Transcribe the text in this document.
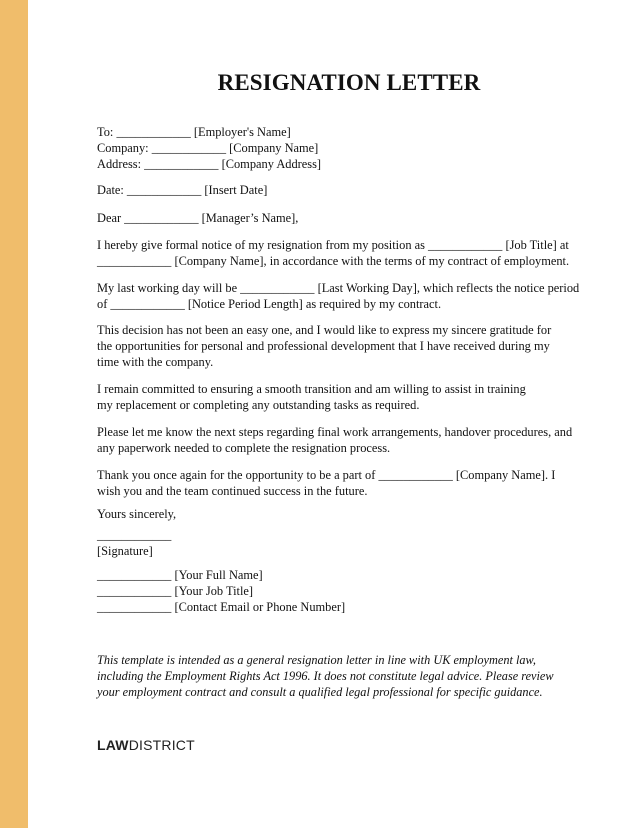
RESIGNATION LETTER
To: ____________ [Employer's Name]
Company: ____________ [Company Name]
Address: ____________ [Company Address]

Date: ____________ [Insert Date]

Dear ____________ [Manager’s Name],

I hereby give formal notice of my resignation from my position as ____________ [Job Title] at ____________ [Company Name], in accordance with the terms of my contract of employment.

My last working day will be ____________ [Last Working Day], which reflects the notice period of ____________ [Notice Period Length] as required by my contract.

This decision has not been an easy one, and I would like to express my sincere gratitude for the opportunities for personal and professional development that I have received during my time with the company.

I remain committed to ensuring a smooth transition and am willing to assist in training my replacement or completing any outstanding tasks as required.

Please let me know the next steps regarding final work arrangements, handover procedures, and any paperwork needed to complete the resignation process.

Thank you once again for the opportunity to be a part of ____________ [Company Name]. I wish you and the team continued success in the future.

Yours sincerely,

____________

[Signature]

____________ [Your Full Name]
____________ [Your Job Title]
____________ [Contact Email or Phone Number]

This template is intended as a general resignation letter in line with UK employment law, including the Employment Rights Act 1996. It does not constitute legal advice. Please review your employment contract and consult a qualified legal professional for specific guidance.

LAWDISTRICT
